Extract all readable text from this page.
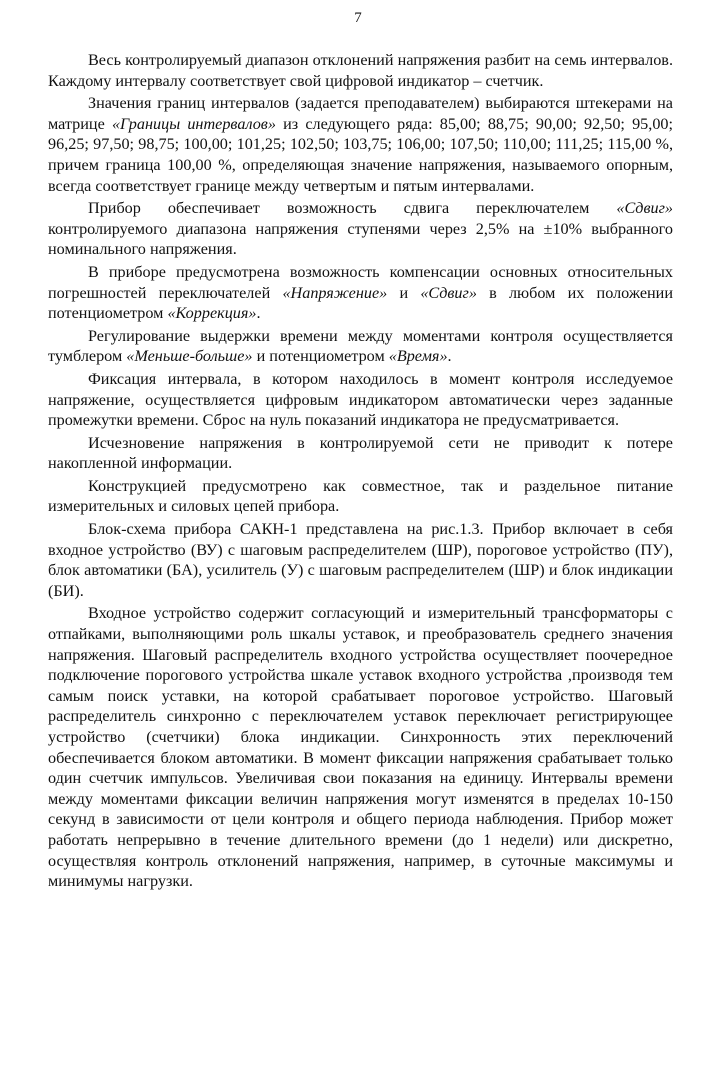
7

Весь контролируемый диапазон отклонений напряжения разбит на семь интервалов. Каждому интервалу соответствует свой цифровой индикатор – счетчик.

Значения границ интервалов (задается преподавателем) выбираются штекерами на матрице «Границы интервалов» из следующего ряда: 85,00; 88,75; 90,00; 92,50; 95,00; 96,25; 97,50; 98,75; 100,00; 101,25; 102,50; 103,75; 106,00; 107,50; 110,00; 111,25; 115,00 %, причем граница 100,00 %, определяющая значение напряжения, называемого опорным, всегда соответствует границе между четвертым и пятым интервалами.

Прибор обеспечивает возможность сдвига переключателем «Сдвиг» контролируемого диапазона напряжения ступенями через 2,5% на ±10% выбранного номинального напряжения.

В приборе предусмотрена возможность компенсации основных относительных погрешностей переключателей «Напряжение» и «Сдвиг» в любом их положении потенциометром «Коррекция».

Регулирование выдержки времени между моментами контроля осуществляется тумблером «Меньше-больше» и потенциометром «Время».

Фиксация интервала, в котором находилось в момент контроля исследуемое напряжение, осуществляется цифровым индикатором автоматически через заданные промежутки времени. Сброс на нуль показаний индикатора не предусматривается.

Исчезновение напряжения в контролируемой сети не приводит к потере накопленной информации.

Конструкцией предусмотрено как совместное, так и раздельное питание измерительных и силовых цепей прибора.

Блок-схема прибора САКН-1 представлена на рис.1.3. Прибор включает в себя входное устройство (ВУ) с шаговым распределителем (ШР), пороговое устройство (ПУ), блок автоматики (БА), усилитель (У) с шаговым распределителем (ШР) и блок индикации (БИ).

Входное устройство содержит согласующий и измерительный трансформаторы с отпайками, выполняющими роль шкалы уставок, и преобразователь среднего значения напряжения. Шаговый распределитель входного устройства осуществляет поочередное подключение порогового устройства шкале уставок входного устройства ,производя тем самым поиск уставки, на которой срабатывает пороговое устройство. Шаговый распределитель синхронно с переключателем уставок переключает регистрирующее устройство (счетчики) блока индикации. Синхронность этих переключений обеспечивается блоком автоматики. В момент фиксации напряжения срабатывает только один счетчик импульсов. Увеличивая свои показания на единицу. Интервалы времени между моментами фиксации величин напряжения могут изменятся в пределах 10-150 секунд в зависимости от цели контроля и общего периода наблюдения. Прибор может работать непрерывно в течение длительного времени (до 1 недели) или дискретно, осуществляя контроль отклонений напряжения, например, в суточные максимумы и минимумы нагрузки.
